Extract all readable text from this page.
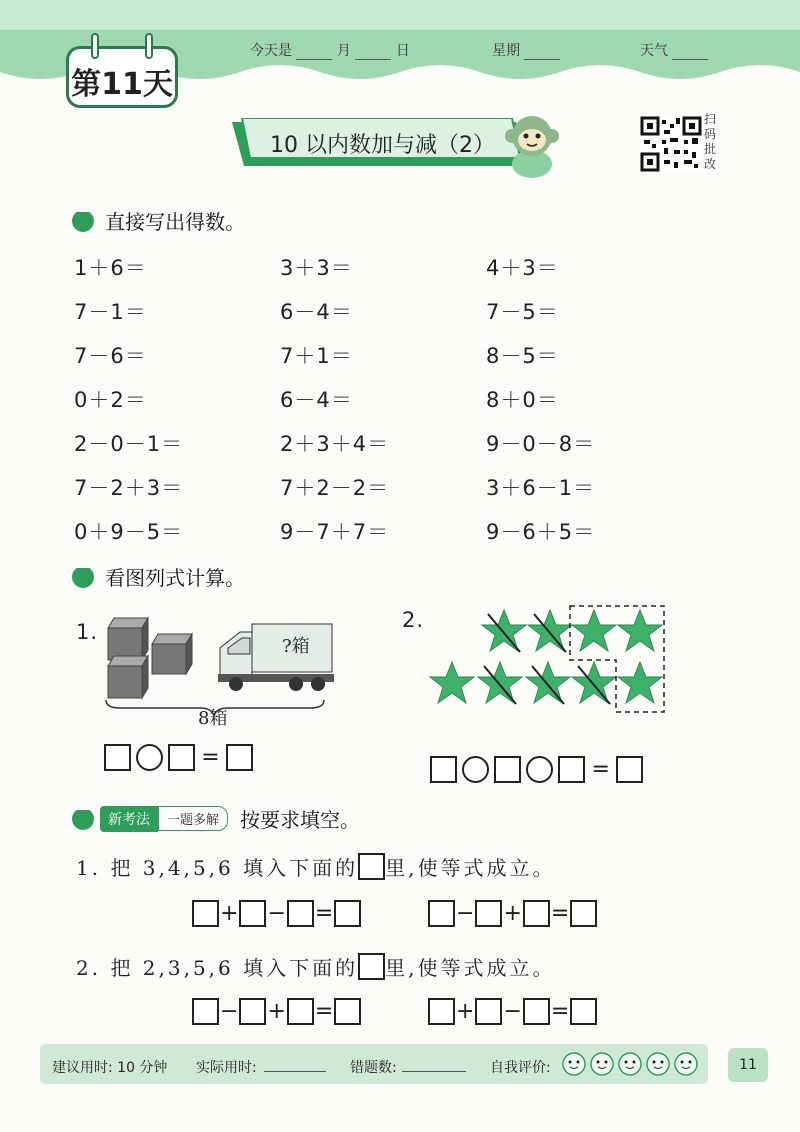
第11天
今天是	月	日	星期	天气
10 以内数加与减（2）
扫码批改
直接写出得数。
1＋6＝	3＋3＝	4＋3＝
7－1＝	6－4＝	7－5＝
7－6＝	7＋1＝	8－5＝
0＋2＝	6－4＝	8＋0＝
2－0－1＝	2＋3＋4＝	9－0－8＝
7－2＋3＝	7＋2－2＝	3＋6－1＝
0＋9－5＝	9－7＋7＝	9－6＋5＝
看图列式计算。
1.
?箱
8箱
=
2.
=
新考法	一题多解	按要求填空。
1. 把 3,4,5,6 填入下面的 里,使等式成立。
+ − =	− + =
2. 把 2,3,5,6 填入下面的 里,使等式成立。
− + =	+ − =
建议用时: 10 分钟 实际用时:	错题数:	自我评价:	11
